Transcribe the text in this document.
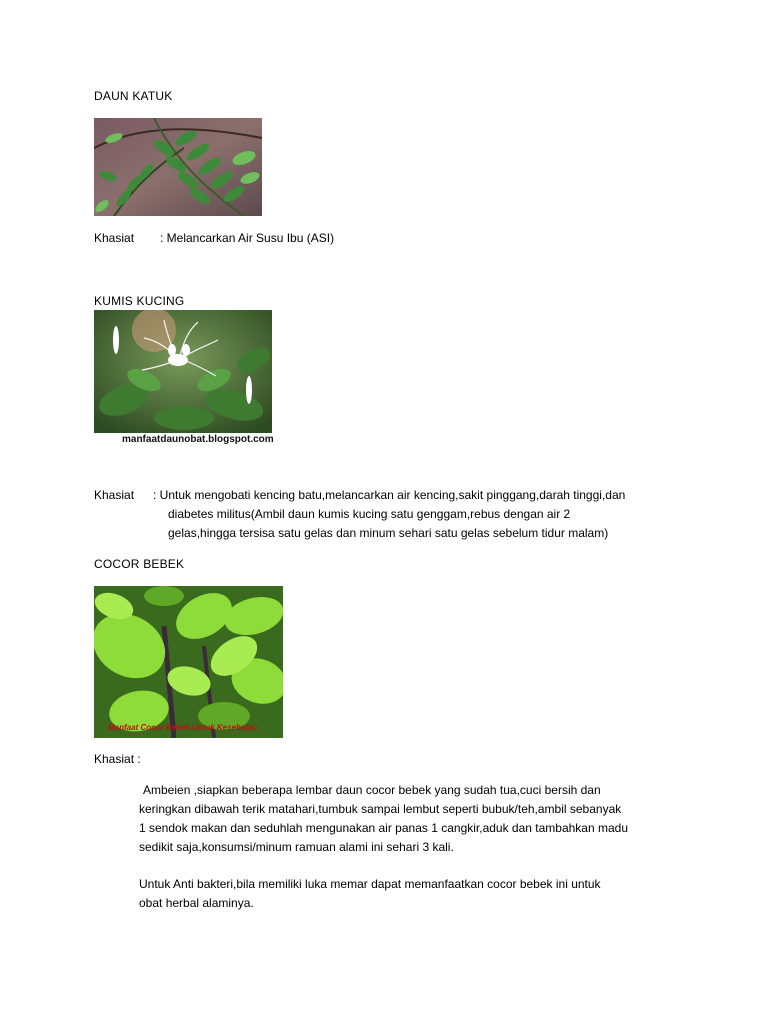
DAUN KATUK
Khasiat : Melancarkan Air Susu Ibu (ASI)
KUMIS KUCING
manfaatdaunobat.blogspot.com
Khasiat : Untuk mengobati kencing batu,melancarkan air kencing,sakit pinggang,darah tinggi,dan
diabetes militus(Ambil daun kumis kucing satu genggam,rebus dengan air 2
gelas,hingga tersisa satu gelas dan minum sehari satu gelas sebelum tidur malam)
COCOR BEBEK
Manfaat Cocor Bebek Untuk Kesehatan
Khasiat :
Ambeien ,siapkan beberapa lembar daun cocor bebek yang sudah tua,cuci bersih dan
keringkan dibawah terik matahari,tumbuk sampai lembut seperti bubuk/teh,ambil sebanyak
1 sendok makan dan seduhlah mengunakan air panas 1 cangkir,aduk dan tambahkan madu
sedikit saja,konsumsi/minum ramuan alami ini sehari 3 kali.
Untuk Anti bakteri,bila memiliki luka memar dapat memanfaatkan cocor bebek ini untuk
obat herbal alaminya.
